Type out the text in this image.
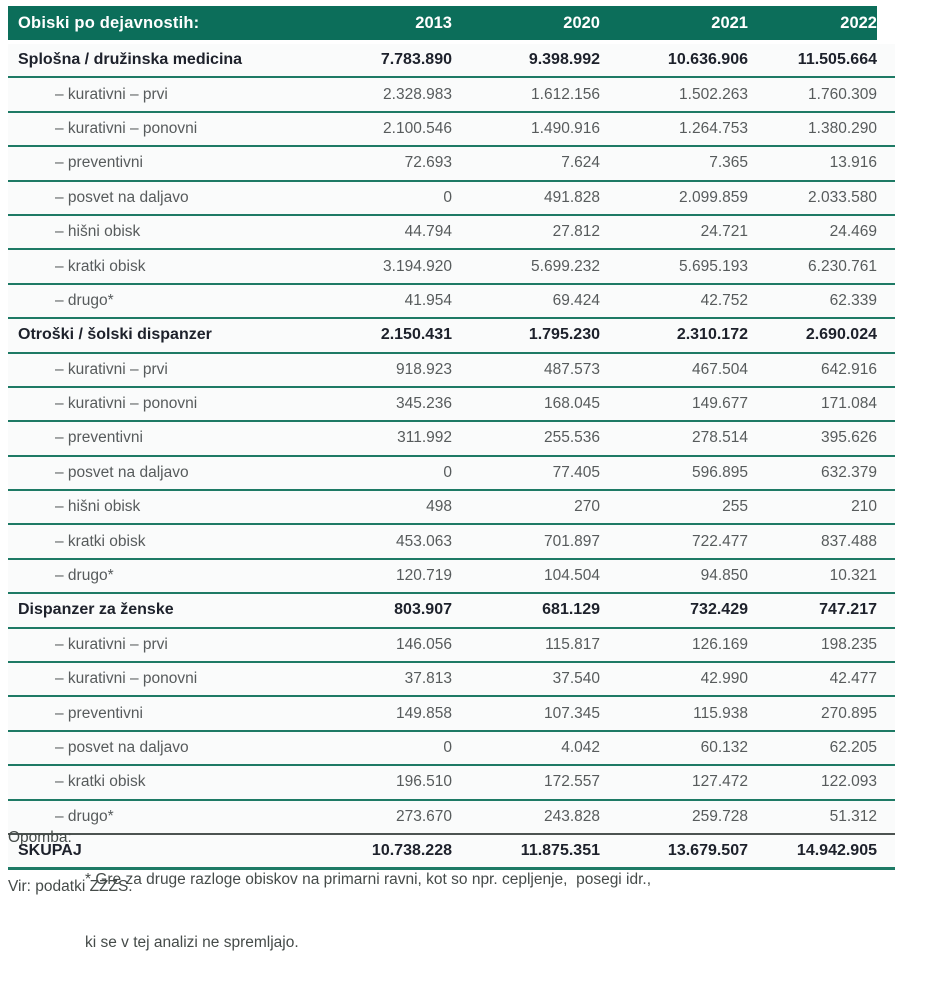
Obiski po dejavnostih:	2013	2020	2021	2022
Splošna / družinska medicina	7.783.890	9.398.992	10.636.906	11.505.664
– kurativni – prvi	2.328.983	1.612.156	1.502.263	1.760.309
– kurativni – ponovni	2.100.546	1.490.916	1.264.753	1.380.290
– preventivni	72.693	7.624	7.365	13.916
– posvet na daljavo	0	491.828	2.099.859	2.033.580
– hišni obisk	44.794	27.812	24.721	24.469
– kratki obisk	3.194.920	5.699.232	5.695.193	6.230.761
– drugo*	41.954	69.424	42.752	62.339
Otroški / šolski dispanzer	2.150.431	1.795.230	2.310.172	2.690.024
– kurativni – prvi	918.923	487.573	467.504	642.916
– kurativni – ponovni	345.236	168.045	149.677	171.084
– preventivni	311.992	255.536	278.514	395.626
– posvet na daljavo	0	77.405	596.895	632.379
– hišni obisk	498	270	255	210
– kratki obisk	453.063	701.897	722.477	837.488
– drugo*	120.719	104.504	94.850	10.321
Dispanzer za ženske	803.907	681.129	732.429	747.217
– kurativni – prvi	146.056	115.817	126.169	198.235
– kurativni – ponovni	37.813	37.540	42.990	42.477
– preventivni	149.858	107.345	115.938	270.895
– posvet na daljavo	0	4.042	60.132	62.205
– kratki obisk	196.510	172.557	127.472	122.093
– drugo*	273.670	243.828	259.728	51.312
SKUPAJ	10.738.228	11.875.351	13.679.507	14.942.905
Opomba:

* Gre za druge razloge obiskov na primarni ravni, kot so npr. cepljenje,  posegi idr.,

ki se v tej analizi ne spremljajo.

Vir: podatki ZZZS.
